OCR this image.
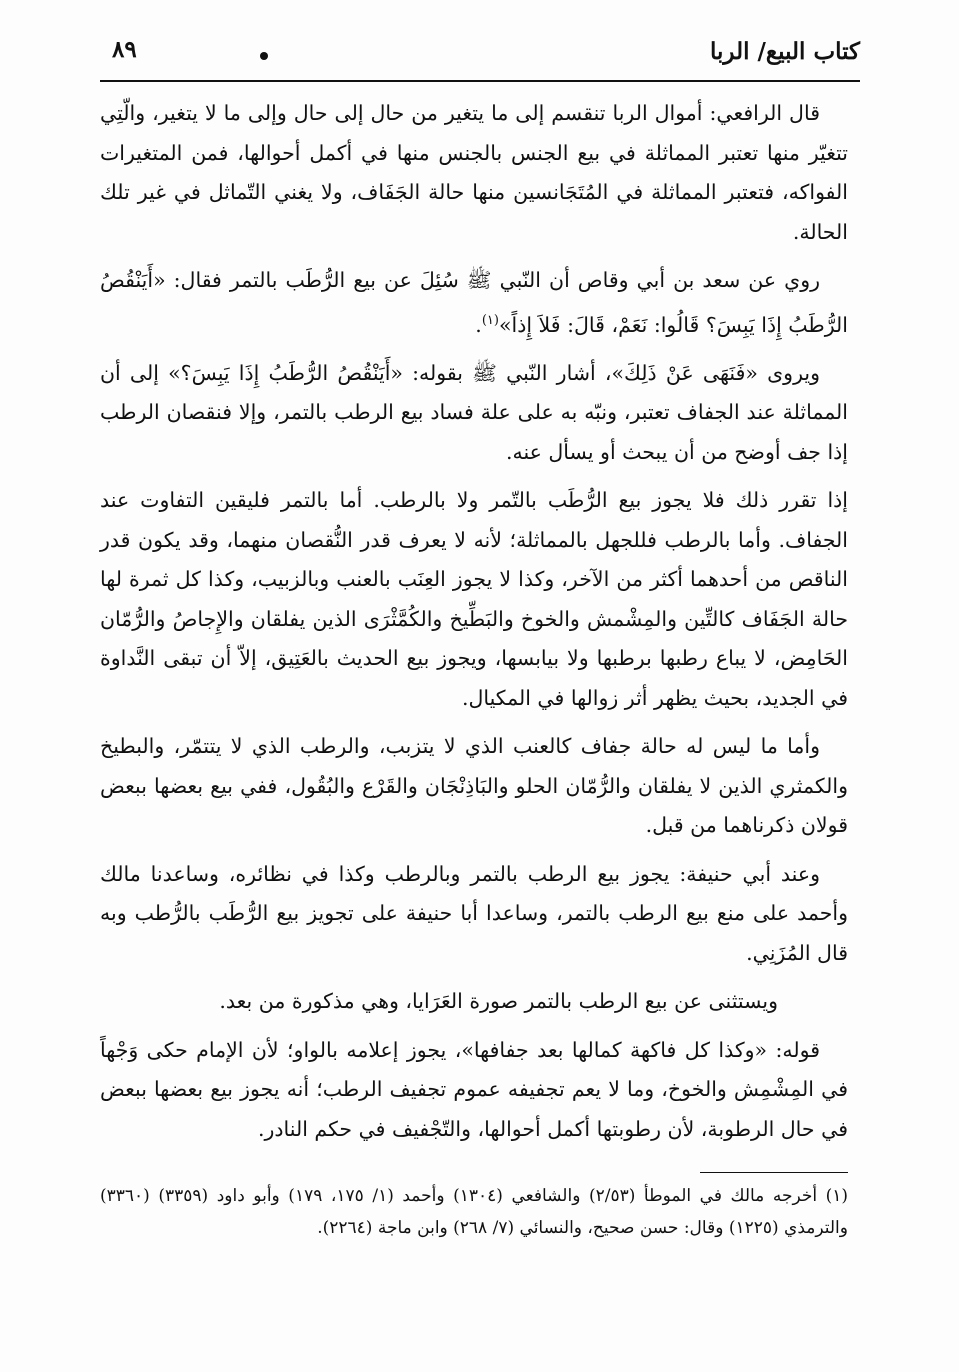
كتاب البيع/ الربا
٨٩

قال الرافعي: أموال الربا تنقسم إلى ما يتغير من حال إلى حال وإلى ما لا يتغير، والّتِي تتغيّر منها تعتبر المماثلة في بيع الجنس بالجنس منها في أكمل أحوالها، فمن المتغيرات الفواكه، فتعتبر المماثلة في المُتَجَانسين منها حالة الجَفَاف، ولا يغني التّماثل في غير تلك الحالة.

روي عن سعد بن أبي وقاص أن النّبي ﷺ سُئِلَ عن بيع الرُّطَب بالتمر فقال: «أَيَنْقُصُ الرُّطَبُ إِذَا يَبِسَ؟ قَالُوا: نَعَمْ، قَالَ: فَلاَ إِذاً»$^{(١)}$.

ويروى «فَنَهَى عَنْ ذَلِكَ»، أشار النّبي ﷺ بقوله: «أَيَنْقُصُ الرُّطَبُ إِذَا يَبِسَ؟» إلى أن المماثلة عند الجفاف تعتبر، ونبّه به على علة فساد بيع الرطب بالتمر، وإلا فنقصان الرطب إذا جف أوضح من أن يبحث أو يسأل عنه.

إذا تقرر ذلك فلا يجوز بيع الرُّطَب بالتّمر ولا بالرطب. أما بالتمر فليقين التفاوت عند الجفاف. وأما بالرطب فللجهل بالمماثلة؛ لأنه لا يعرف قدر النُّقصان منهما، وقد يكون قدر الناقص من أحدهما أكثر من الآخر، وكذا لا يجوز العِنَب بالعنب وبالزبيب، وكذا كل ثمرة لها حالة الجَفَاف كالتِّين والمِشْمش والخوخ والبَطِّيخ والكُمَّثْرَى الذين يفلقان والإِجاصُ والرُّمّان الحَامِض، لا يباع رطبها برطبها ولا بيابسها، ويجوز بيع الحديث بالعَتِيق، إلاّ أن تبقى النَّداوة في الجديد، بحيث يظهر أثر زوالها في المكيال.

وأما ما ليس له حالة جفاف كالعنب الذي لا يتزبب، والرطب الذي لا يتتمّر، والبطيخ والكمثري الذين لا يفلقان والرُّمّان الحلو والبَاذِنْجَان والقَرْع والبُقُول، ففي بيع بعضها ببعض قولان ذكرناهما من قبل.

وعند أبي حنيفة: يجوز بيع الرطب بالتمر وبالرطب وكذا في نظائره، وساعدنا مالك وأحمد على منع بيع الرطب بالتمر، وساعدا أبا حنيفة على تجويز بيع الرُّطَب بالرُّطب وبه قال المُزَنِي.

ويستثنى عن بيع الرطب بالتمر صورة العَرَايا، وهي مذكورة من بعد.

قوله: «وكذا كل فاكهة كمالها بعد جفافها»، يجوز إعلامه بالواو؛ لأن الإمام حكى وَجْهاً في المِشْمِش والخوخ، وما لا يعم تجفيفه عموم تجفيف الرطب؛ أنه يجوز بيع بعضها ببعض في حال الرطوبة، لأن رطوبتها أكمل أحوالها، والتّجْفيف في حكم النادر.

(١) أخرجه مالك في الموطأ (٢/٥٣) والشافعي (١٣٠٤) وأحمد (١/ ١٧٥، ١٧٩) وأبو داود (٣٣٥٩) (٣٣٦٠) والترمذي (١٢٢٥) وقال: حسن صحيح، والنسائي (٧/ ٢٦٨) وابن ماجة (٢٢٦٤).
